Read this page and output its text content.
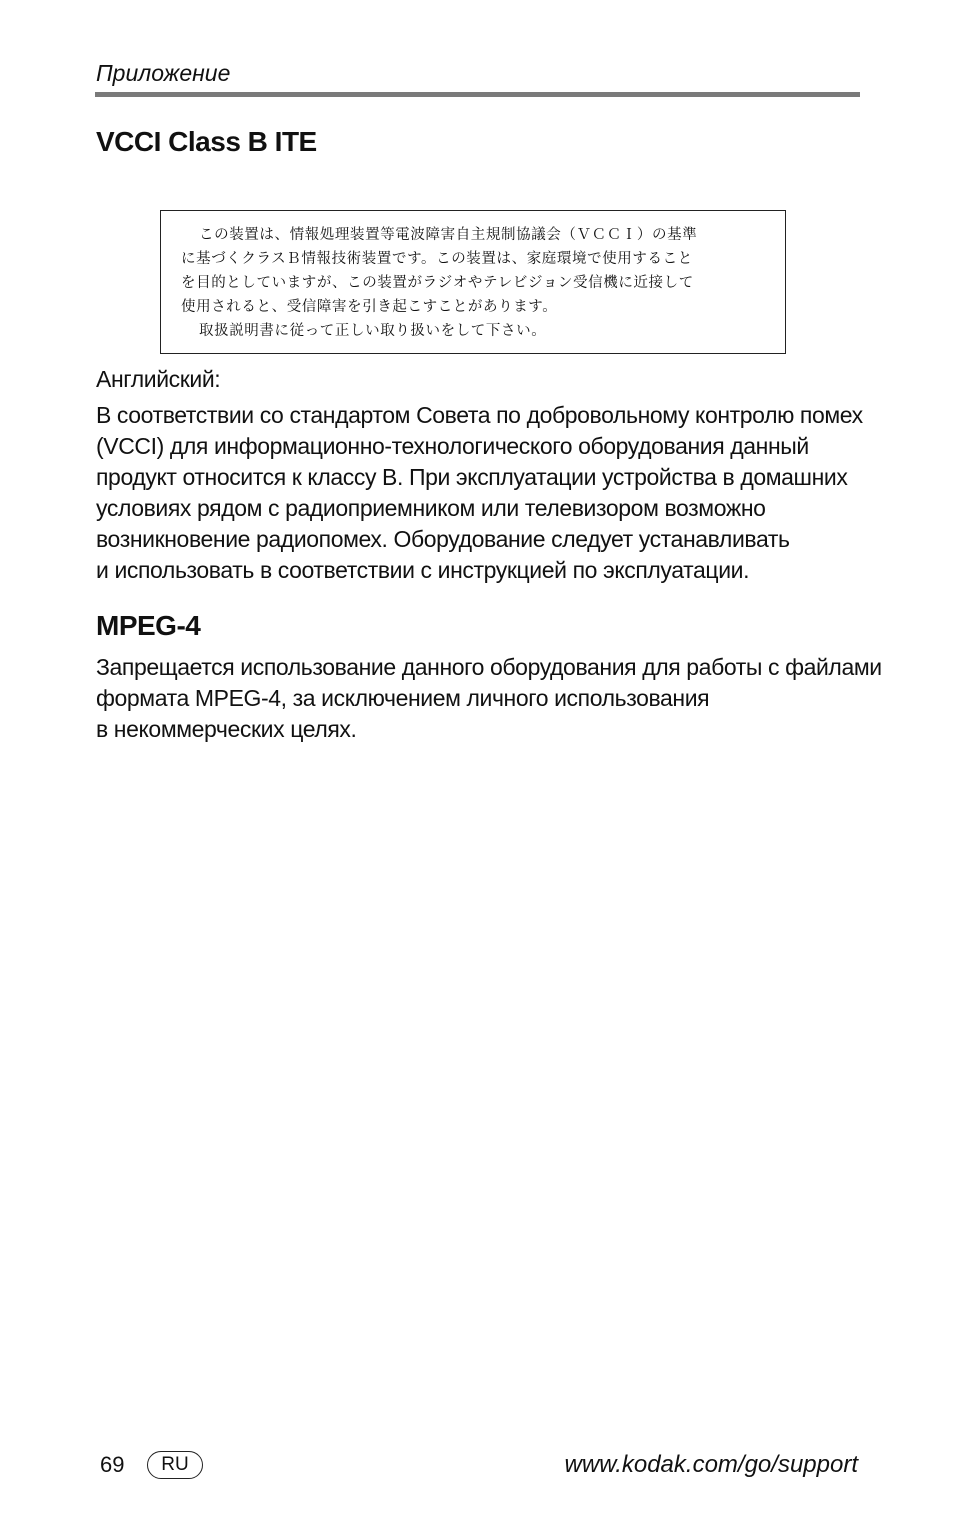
Приложение
VCCI Class B ITE
この装置は、情報処理装置等電波障害自主規制協議会（ＶＣＣＩ）の基準
に基づくクラスＢ情報技術装置です。この装置は、家庭環境で使用すること
を目的としていますが、この装置がラジオやテレビジョン受信機に近接して
使用されると、受信障害を引き起こすことがあります。
取扱説明書に従って正しい取り扱いをして下さい。
Английский:
В соответствии со стандартом Совета по добровольному контролю помех
(VCCI) для информационно-технологического оборудования данный
продукт относится к классу B. При эксплуатации устройства в домашних
условиях рядом с радиоприемником или телевизором возможно
возникновение радиопомех. Оборудование следует устанавливать
и использовать в соответствии с инструкцией по эксплуатации.
MPEG-4
Запрещается использование данного оборудования для работы с файлами
формата MPEG-4, за исключением личного использования
в некоммерческих целях.
69	RU	www.kodak.com/go/support
